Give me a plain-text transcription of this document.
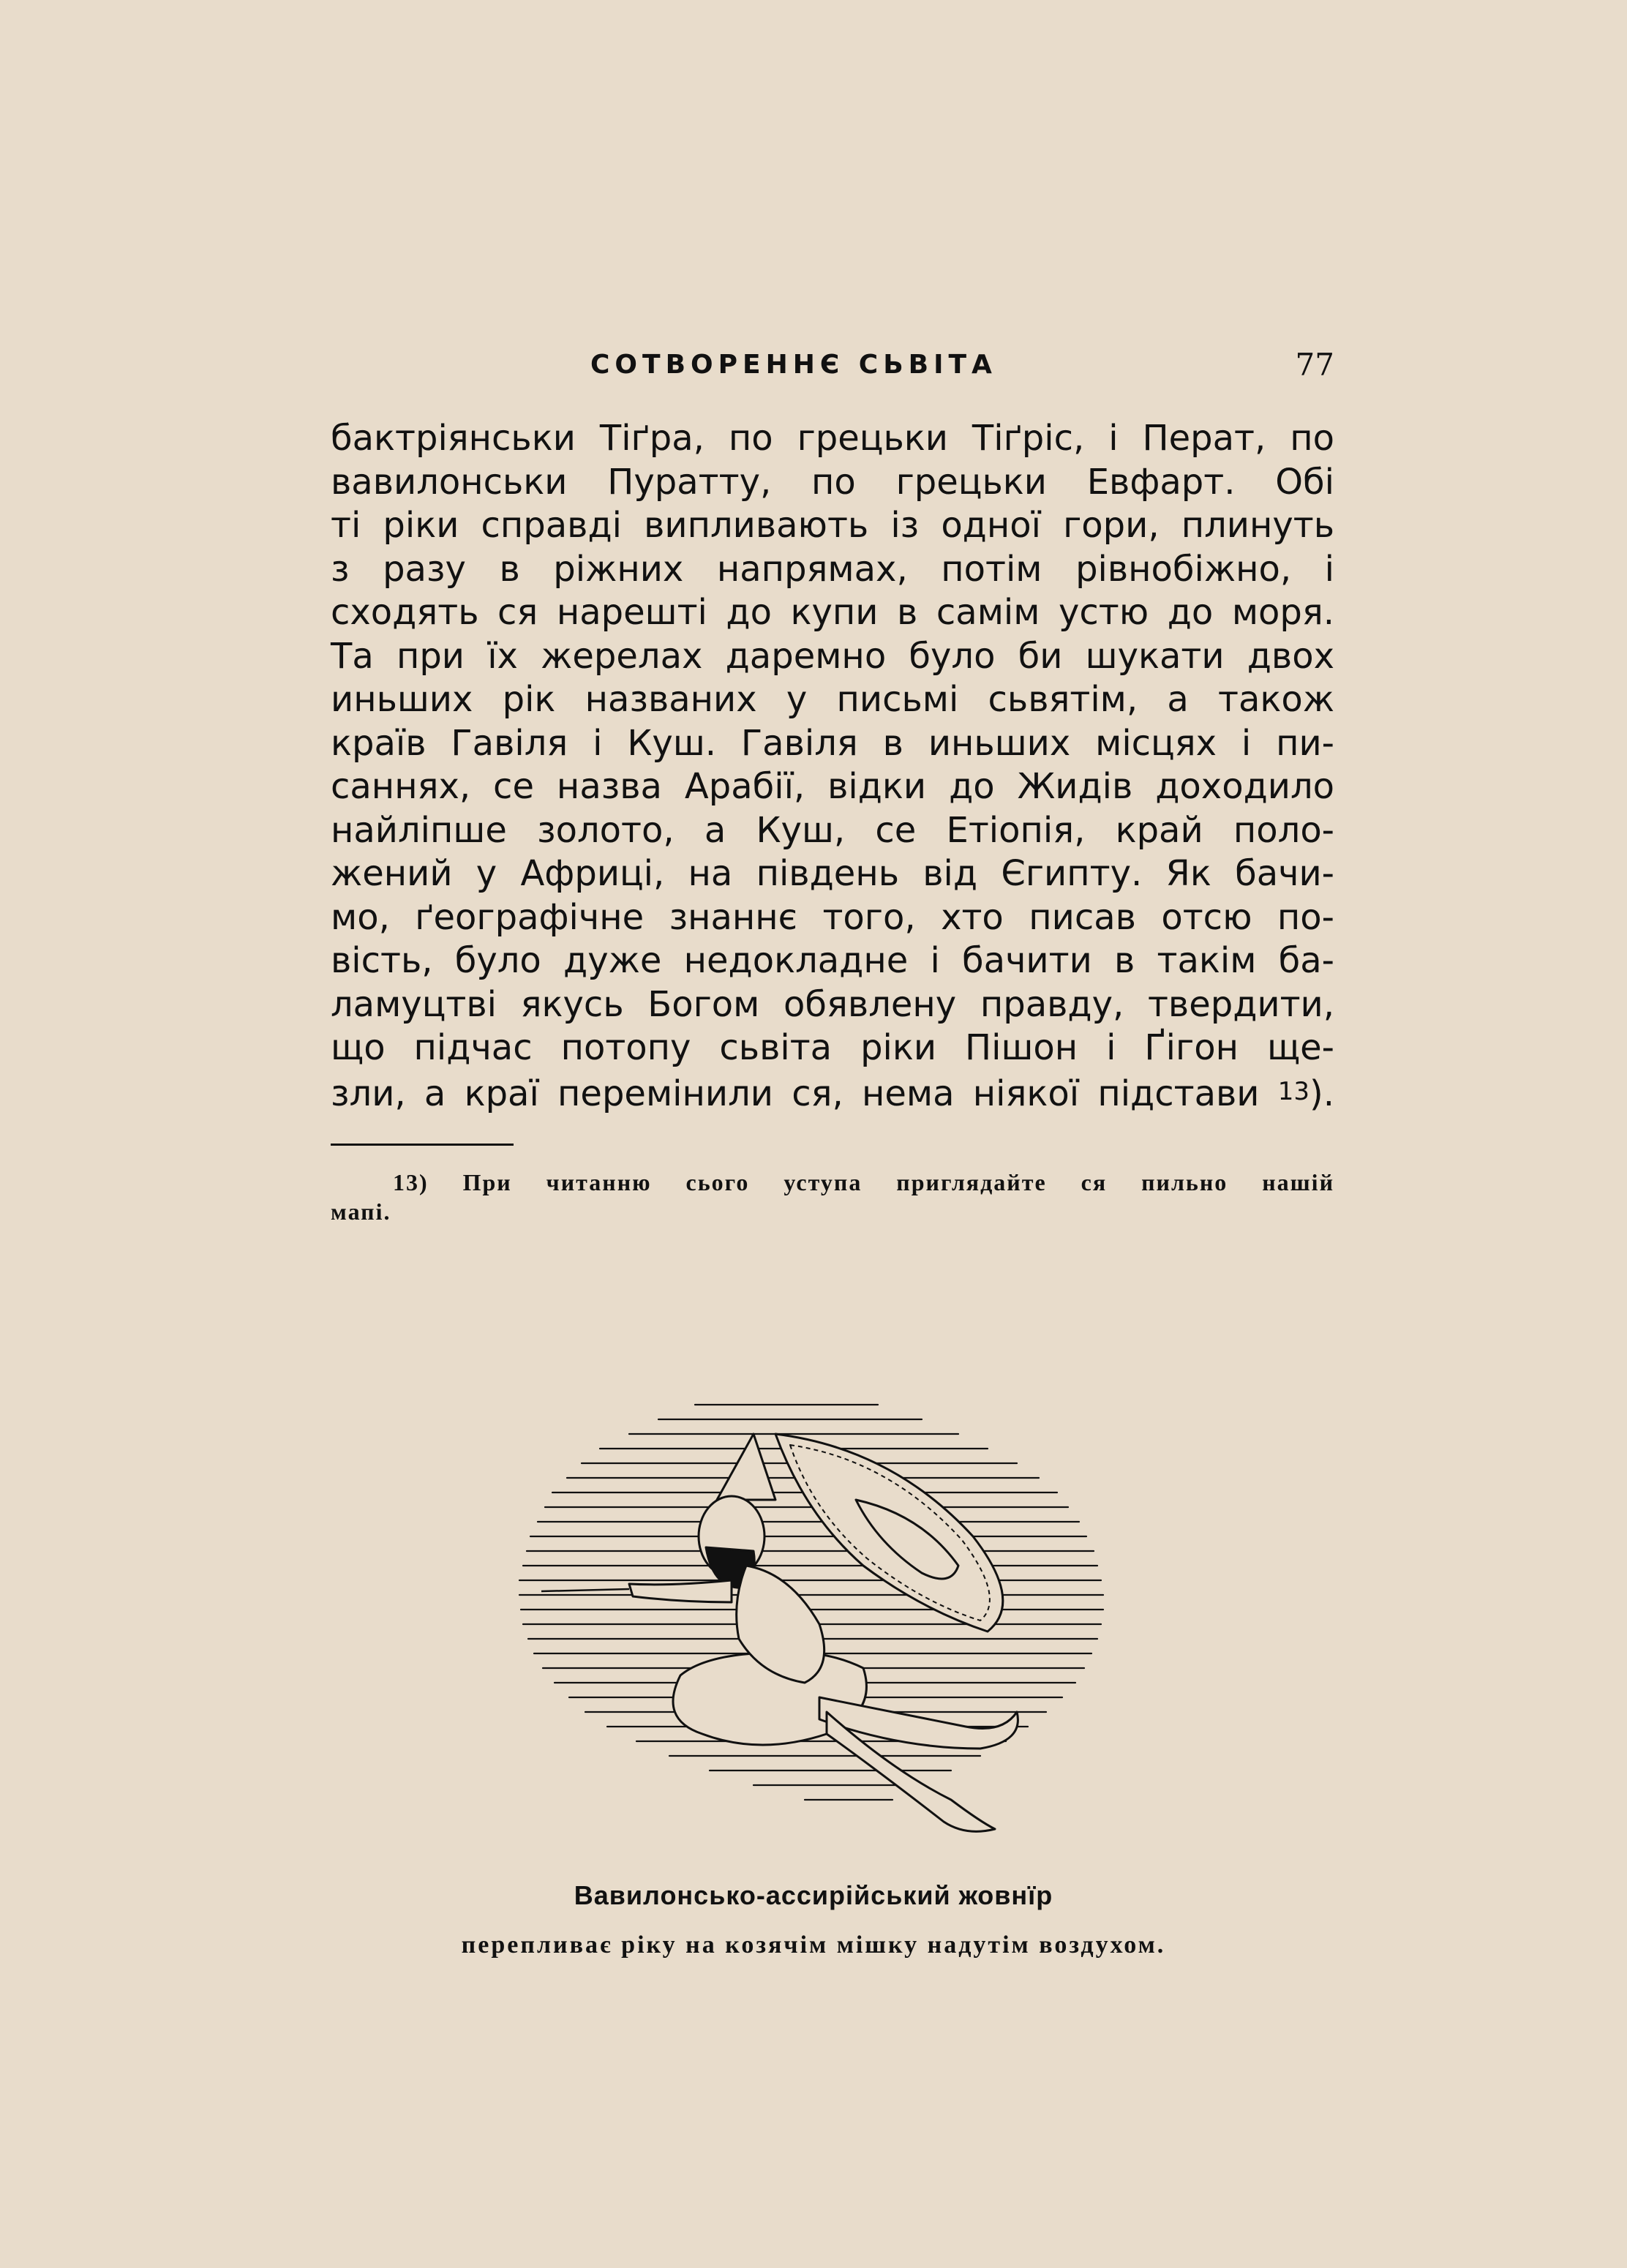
СОТВОРЕННЄ СЬВІТА	77
бактріянськи Тіґра, по грецьки Тіґріс, і Перат, по
вавилонськи Пуратту, по грецьки Евфарт. Обі
ті ріки справді випливають із одної гори, плинуть
з разу в ріжних напрямах, потім рівнобіжно, і
сходять ся нарешті до купи в самім устю до моря.
Та при їх жерелах даремно було би шукати двох
иньших рік названих у письмі сьвятім, а також
країв Гавіля і Куш. Гавіля в иньших місцях і пи-
саннях, се назва Арабії, відки до Жидів доходило
найліпше золото, а Куш, се Етіопія, край поло-
жений у Африці, на південь від Єгипту. Як бачи-
мо, ґеографічне знаннє того, хто писав отсю по-
вість, було дуже недокладне і бачити в такім ба-
ламуцтві якусь Богом обявлену правду, твердити,
що підчас потопу сьвіта ріки Пішон і Ґігон ще-
зли, а краї перемінили ся, нема ніякої підстави 13).
13) При читанню сього уступа приглядайте ся пильно нашій
мапі.
Вавилонсько-ассирійський жовнїр
перепливає ріку на козячім мішку надутім воздухом.
